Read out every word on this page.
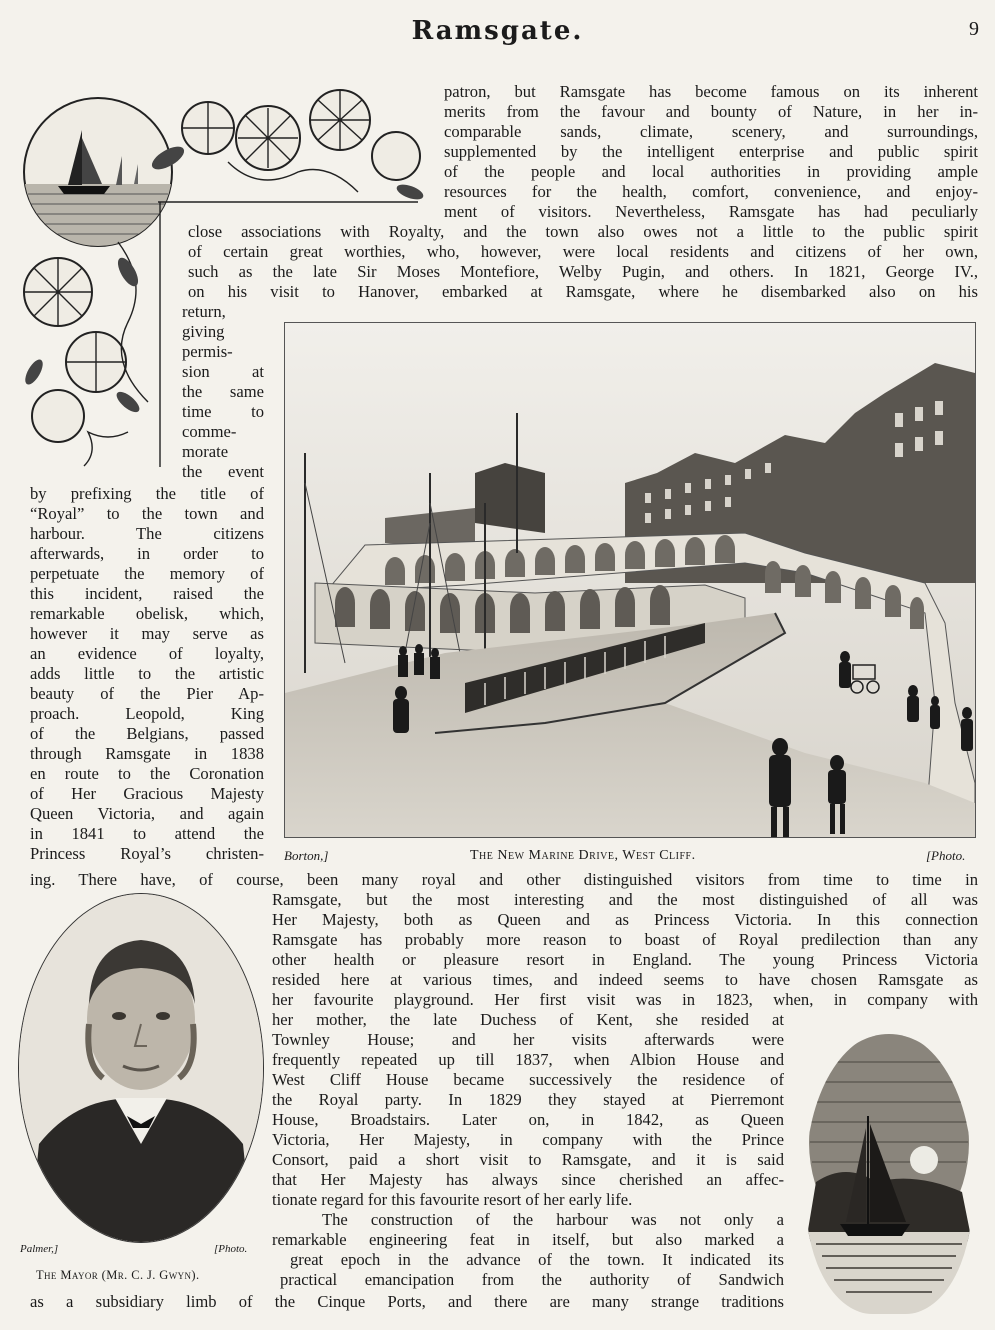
Ramsgate.	9
patron, but Ramsgate has become famous on its inherent
merits from the favour and bounty of Nature, in her in-
comparable sands, climate, scenery, and surroundings,
supplemented by the intelligent enterprise and public spirit
of the people and local authorities in providing ample
resources for the health, comfort, convenience, and enjoy-
ment of visitors. Nevertheless, Ramsgate has had peculiarly
close associations with Royalty, and the town also owes not a little to the public spirit
of certain great worthies, who, however, were local residents and citizens of her own,
such as the late Sir Moses Montefiore, Welby Pugin, and others. In 1821, George IV.,
on his visit to Hanover, embarked at Ramsgate, where he disembarked also on his
return,
giving
permis-
sion at
the same
time to
comme-
morate
the event
by prefixing the title of
“Royal” to the town and
harbour. The citizens
afterwards, in order to
perpetuate the memory of
this incident, raised the
remarkable obelisk, which,
however it may serve as
an evidence of loyalty,
adds little to the artistic
beauty of the Pier Ap-
proach. Leopold, King
of the Belgians, passed
through Ramsgate in 1838
en route to the Coronation
of Her Gracious Majesty
Queen Victoria, and again
in 1841 to attend the
Princess Royal’s christen- Borton,]	The New Marine Drive, West Cliff.	[Photo.
ing. There have, of course, been many royal and other distinguished visitors from time to time in
Ramsgate, but the most interesting and the most distinguished of all was
Her Majesty, both as Queen and as Princess Victoria. In this connection
Ramsgate has probably more reason to boast of Royal predilection than any
other health or pleasure resort in England. The young Princess Victoria
resided here at various times, and indeed seems to have chosen Ramsgate as
her favourite playground. Her first visit was in 1823, when, in company with
her mother, the late Duchess of Kent, she resided at
Townley House; and her visits afterwards were
frequently repeated up till 1837, when Albion House and
West Cliff House became successively the residence of
the Royal party. In 1829 they stayed at Pierremont
House, Broadstairs. Later on, in 1842, as Queen
Victoria, Her Majesty, in company with the Prince
Consort, paid a short visit to Ramsgate, and it is said
that Her Majesty has always since cherished an affec-
tionate regard for this favourite resort of her early life.
The construction of the harbour was not only a
remarkable engineering feat in itself, but also marked a
great epoch in the advance of the town. It indicated its
practical emancipation from the authority of Sandwich
as a subsidiary limb of the Cinque Ports, and there are many strange traditions
Palmer,]	[Photo.
The Mayor (Mr. C. J. Gwyn).
